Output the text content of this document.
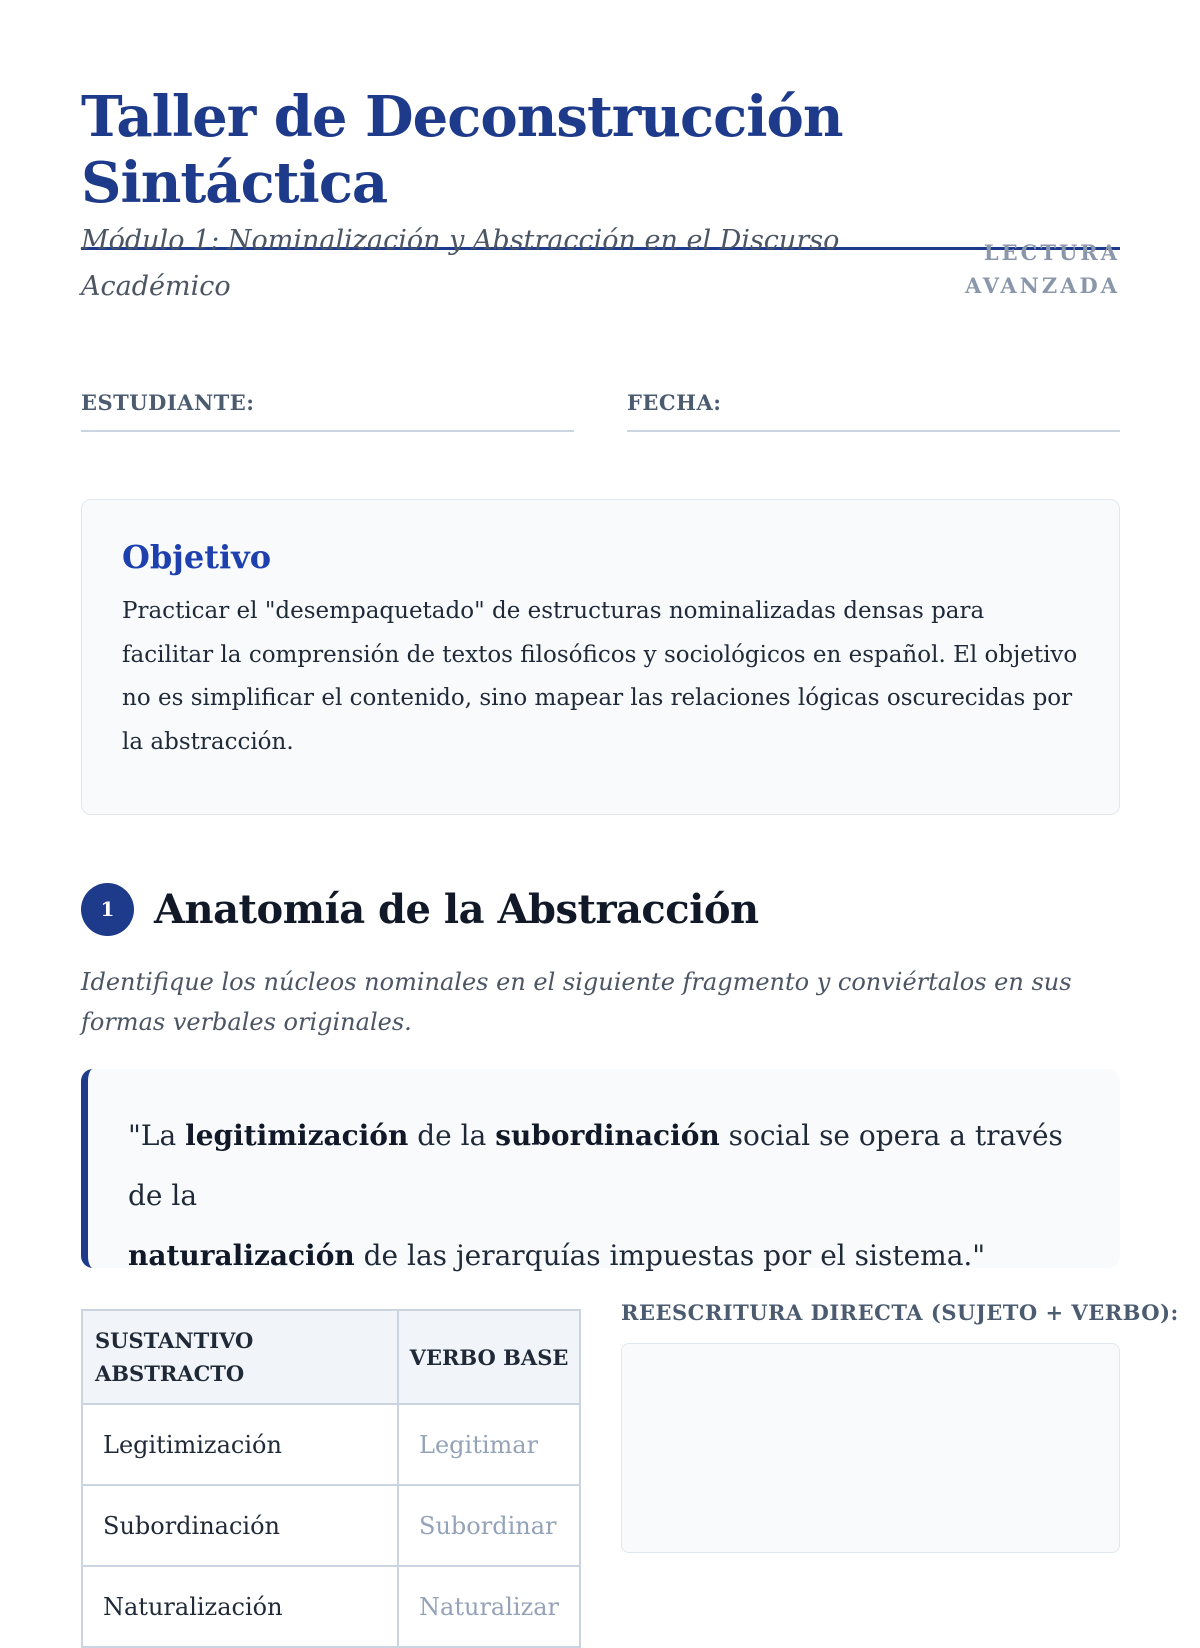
Taller de Deconstrucción Sintáctica

Módulo 1: Nominalización y Abstracción en el Discurso Académico

LECTURA
AVANZADA
ESTUDIANTE:	FECHA:
Objetivo

Practicar el "desempaquetado" de estructuras nominalizadas densas para facilitar la comprensión de textos filosóficos y sociológicos en español. El objetivo no es simplificar el contenido, sino mapear las relaciones lógicas oscurecidas por la abstracción.

1 Anatomía de la Abstracción

Identifique los núcleos nominales en el siguiente fragmento y conviértalos en sus formas verbales originales.

"La legitimización de la subordinación social se opera a través de la
naturalización de las jerarquías impuestas por el sistema."
SUSTANTIVO ABSTRACTO	VERBO BASE
Legitimización	Legitimar
Subordinación	Subordinar
Naturalización	Naturalizar
REESCRITURA DIRECTA (SUJETO + VERBO):
